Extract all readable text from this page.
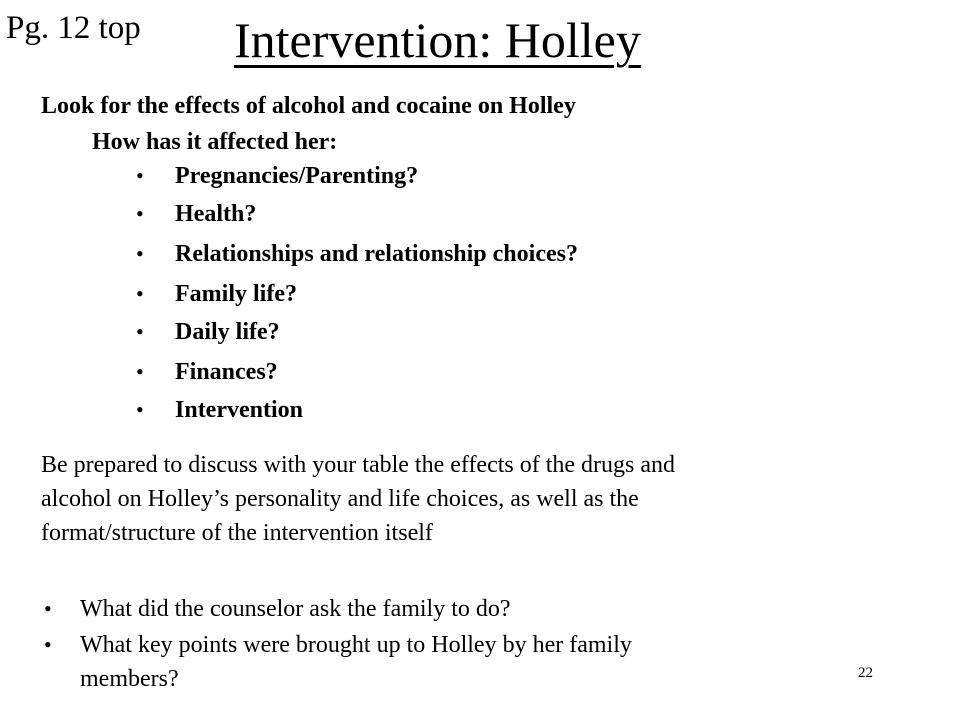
Pg. 12 top Intervention: Holley
Look for the effects of alcohol and cocaine on Holley
How has it affected her:
• Pregnancies/Parenting?
• Health?
• Relationships and relationship choices?
• Family life?
• Daily life?
• Finances?
• Intervention
Be prepared to discuss with your table the effects of the drugs and
alcohol on Holley’s personality and life choices, as well as the
format/structure of the intervention itself
• What did the counselor ask the family to do?
• What key points were brought up to Holley by her family
members?	22
